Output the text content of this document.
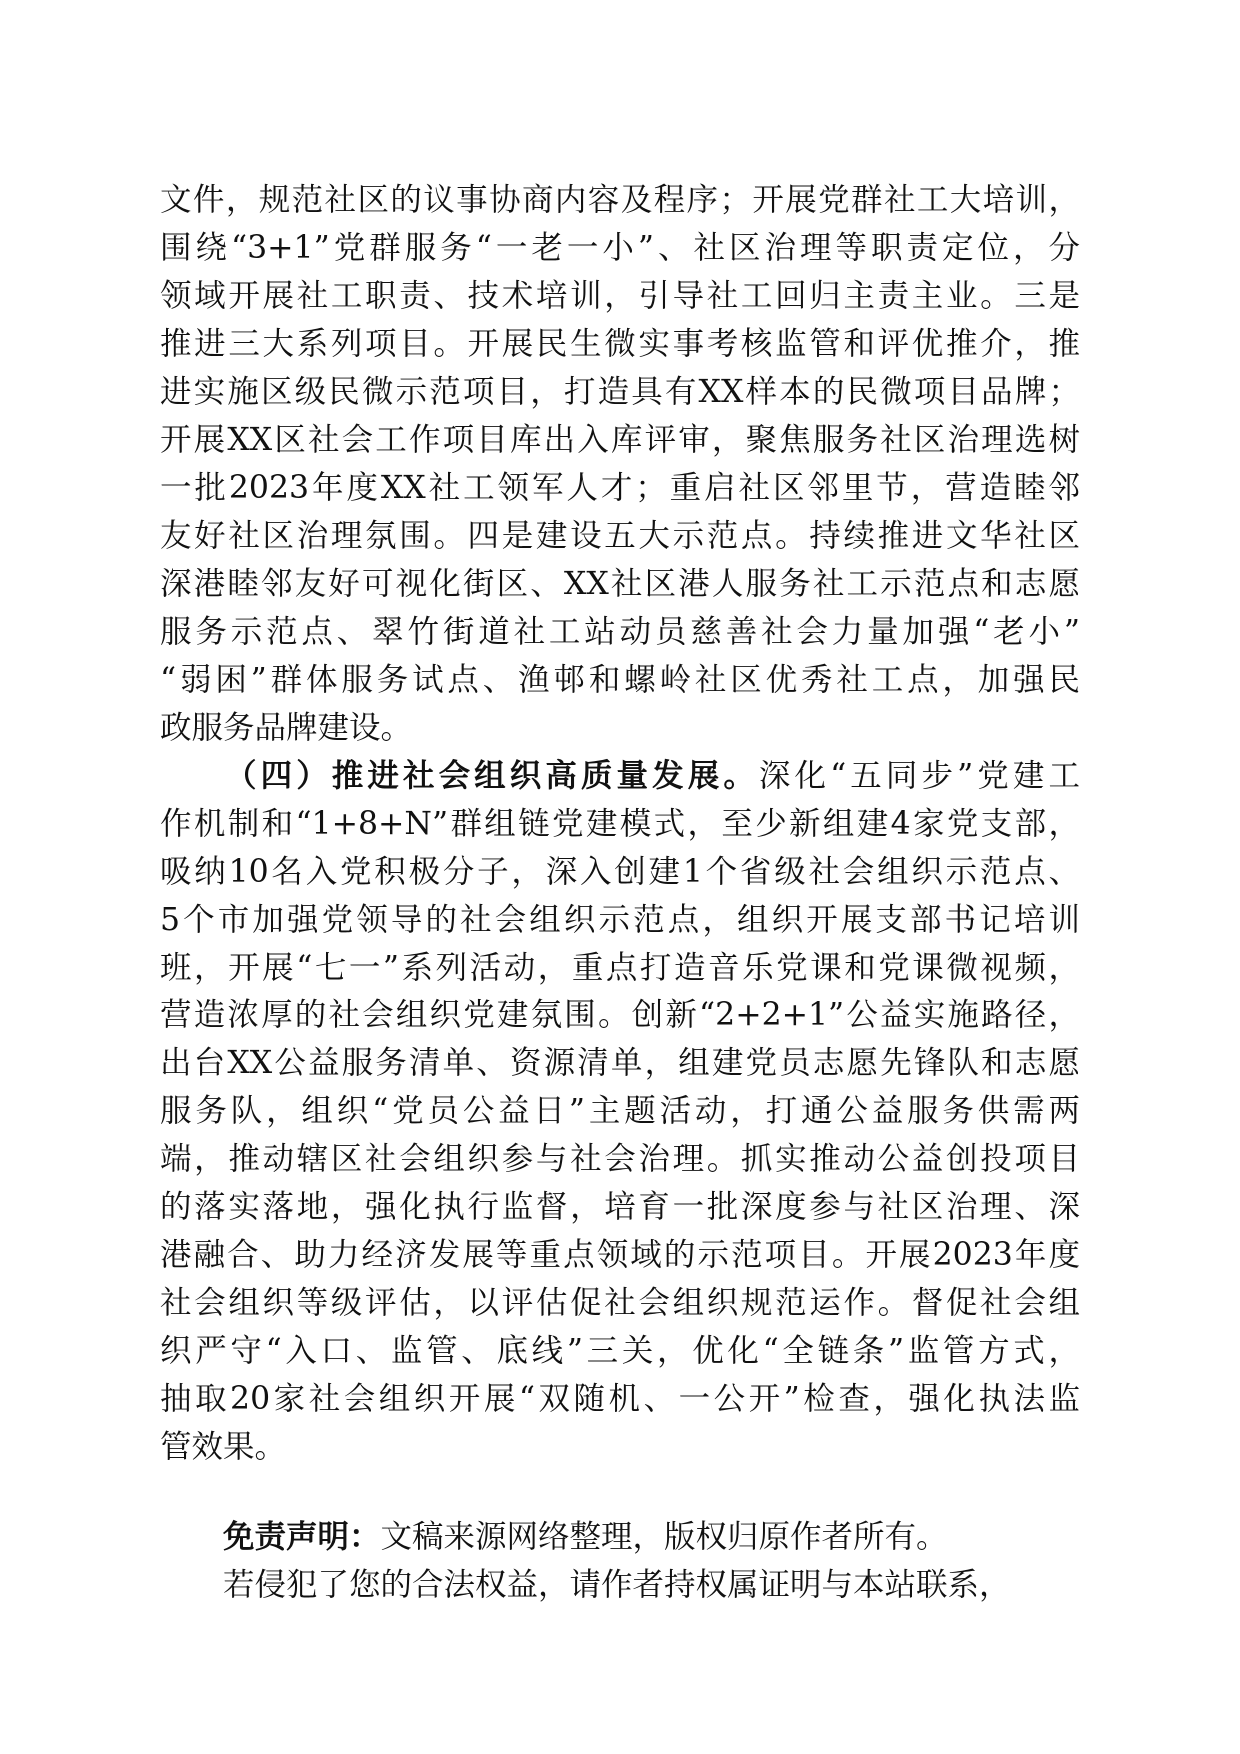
文件，规范社区的议事协商内容及程序；开展党群社工大培训，
围绕“3+1”党群服务“一老一小”、社区治理等职责定位，分
领域开展社工职责、技术培训，引导社工回归主责主业。三是
推进三大系列项目。开展民生微实事考核监管和评优推介，推
进实施区级民微示范项目，打造具有XX样本的民微项目品牌；
开展XX区社会工作项目库出入库评审，聚焦服务社区治理选树
一批2023年度XX社工领军人才；重启社区邻里节，营造睦邻
友好社区治理氛围。四是建设五大示范点。持续推进文华社区
深港睦邻友好可视化街区、XX社区港人服务社工示范点和志愿
服务示范点、翠竹街道社工站动员慈善社会力量加强“老小”
“弱困”群体服务试点、渔邨和螺岭社区优秀社工点，加强民
政服务品牌建设。
（四）推进社会组织高质量发展。深化“五同步”党建工
作机制和“1+8+N”群组链党建模式，至少新组建4家党支部，
吸纳10名入党积极分子，深入创建1个省级社会组织示范点、
5个市加强党领导的社会组织示范点，组织开展支部书记培训
班，开展“七一”系列活动，重点打造音乐党课和党课微视频，
营造浓厚的社会组织党建氛围。创新“2+2+1”公益实施路径，
出台XX公益服务清单、资源清单，组建党员志愿先锋队和志愿
服务队，组织“党员公益日”主题活动，打通公益服务供需两
端，推动辖区社会组织参与社会治理。抓实推动公益创投项目
的落实落地，强化执行监督，培育一批深度参与社区治理、深
港融合、助力经济发展等重点领域的示范项目。开展2023年度
社会组织等级评估，以评估促社会组织规范运作。督促社会组
织严守“入口、监管、底线”三关，优化“全链条”监管方式，
抽取20家社会组织开展“双随机、一公开”检查，强化执法监
管效果。
免责声明：文稿来源网络整理，版权归原作者所有。
若侵犯了您的合法权益，请作者持权属证明与本站联系，
